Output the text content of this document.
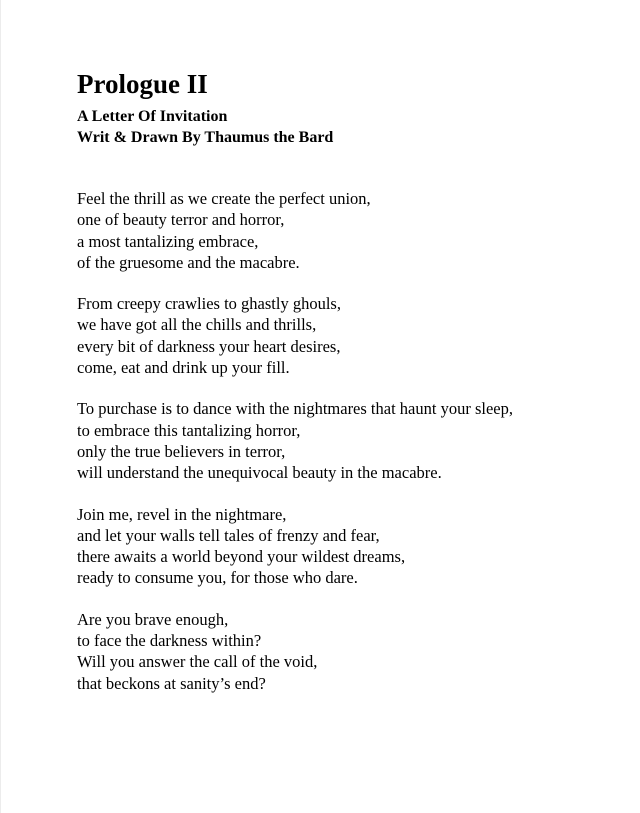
Prologue II

A Letter Of Invitation

Writ & Drawn By Thaumus the Bard

Feel the thrill as we create the perfect union,
one of beauty terror and horror,
a most tantalizing embrace,
of the gruesome and the macabre.
From creepy crawlies to ghastly ghouls,
we have got all the chills and thrills,
every bit of darkness your heart desires,
come, eat and drink up your fill.
To purchase is to dance with the nightmares that haunt your sleep,
to embrace this tantalizing horror,
only the true believers in terror,
will understand the unequivocal beauty in the macabre.
Join me, revel in the nightmare,
and let your walls tell tales of frenzy and fear,
there awaits a world beyond your wildest dreams,
ready to consume you, for those who dare.
Are you brave enough,
to face the darkness within?
Will you answer the call of the void,
that beckons at sanity’s end?
